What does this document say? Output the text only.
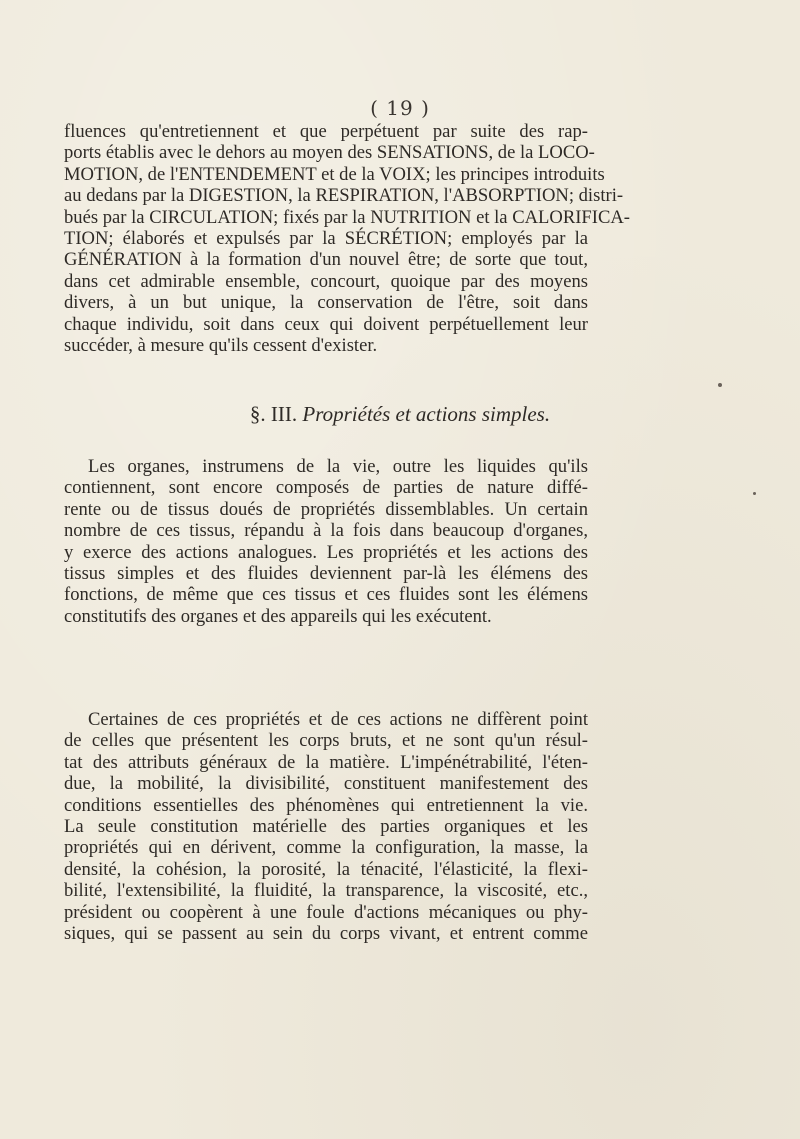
( 19 )
fluences qu'entretiennent et que perpétuent par suite des rap-
ports établis avec le dehors au moyen des SENSATIONS, de la LOCO-
MOTION, de l'ENTENDEMENT et de la VOIX; les principes introduits
au dedans par la DIGESTION, la RESPIRATION, l'ABSORPTION; distri-
bués par la CIRCULATION; fixés par la NUTRITION et la CALORIFICA-
TION; élaborés et expulsés par la SÉCRÉTION; employés par la
GÉNÉRATION à la formation d'un nouvel être; de sorte que tout,
dans cet admirable ensemble, concourt, quoique par des moyens
divers, à un but unique, la conservation de l'être, soit dans
chaque individu, soit dans ceux qui doivent perpétuellement leur
succéder, à mesure qu'ils cessent d'exister.
§. III. Propriétés et actions simples.
Les organes, instrumens de la vie, outre les liquides qu'ils
contiennent, sont encore composés de parties de nature diffé-
rente ou de tissus doués de propriétés dissemblables. Un certain
nombre de ces tissus, répandu à la fois dans beaucoup d'organes,
y exerce des actions analogues. Les propriétés et les actions des
tissus simples et des fluides deviennent par-là les élémens des
fonctions, de même que ces tissus et ces fluides sont les élémens
constitutifs des organes et des appareils qui les exécutent.
Certaines de ces propriétés et de ces actions ne diffèrent point
de celles que présentent les corps bruts, et ne sont qu'un résul-
tat des attributs généraux de la matière. L'impénétrabilité, l'éten-
due, la mobilité, la divisibilité, constituent manifestement des
conditions essentielles des phénomènes qui entretiennent la vie.
La seule constitution matérielle des parties organiques et les
propriétés qui en dérivent, comme la configuration, la masse, la
densité, la cohésion, la porosité, la ténacité, l'élasticité, la flexi-
bilité, l'extensibilité, la fluidité, la transparence, la viscosité, etc.,
président ou coopèrent à une foule d'actions mécaniques ou phy-
siques, qui se passent au sein du corps vivant, et entrent comme
